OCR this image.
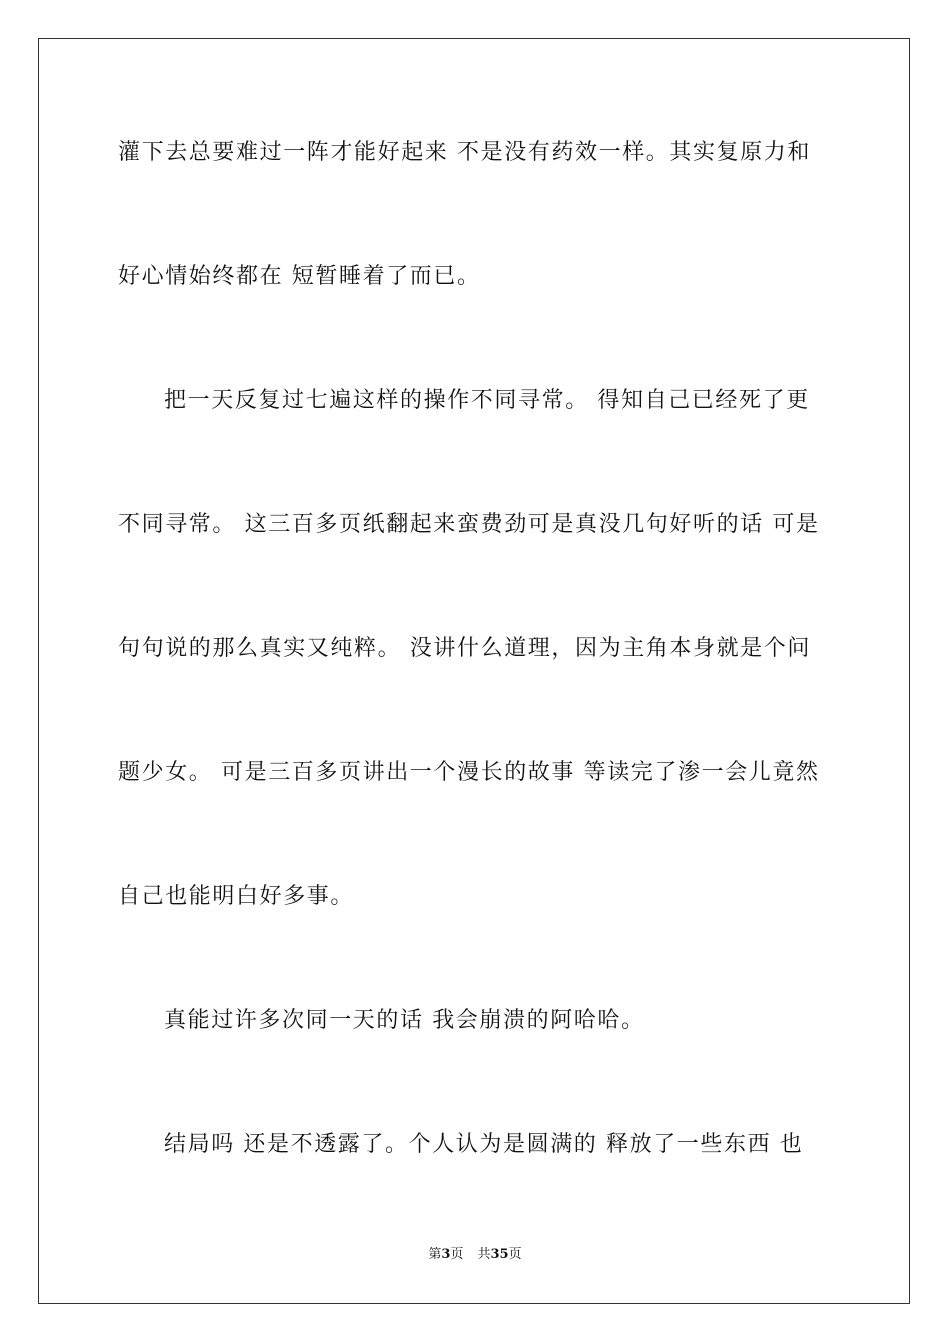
灌下去总要难过一阵才能好起来 不是没有药效一样。其实复原力和
好心情始终都在 短暂睡着了而已。
把一天反复过七遍这样的操作不同寻常。 得知自己已经死了更
不同寻常。 这三百多页纸翻起来蛮费劲可是真没几句好听的话 可是
句句说的那么真实又纯粹。 没讲什么道理，因为主角本身就是个问
题少女。 可是三百多页讲出一个漫长的故事 等读完了渗一会儿竟然
自己也能明白好多事。
真能过许多次同一天的话 我会崩溃的阿哈哈。
结局吗 还是不透露了。个人认为是圆满的 释放了一些东西 也
第3页 共35页
